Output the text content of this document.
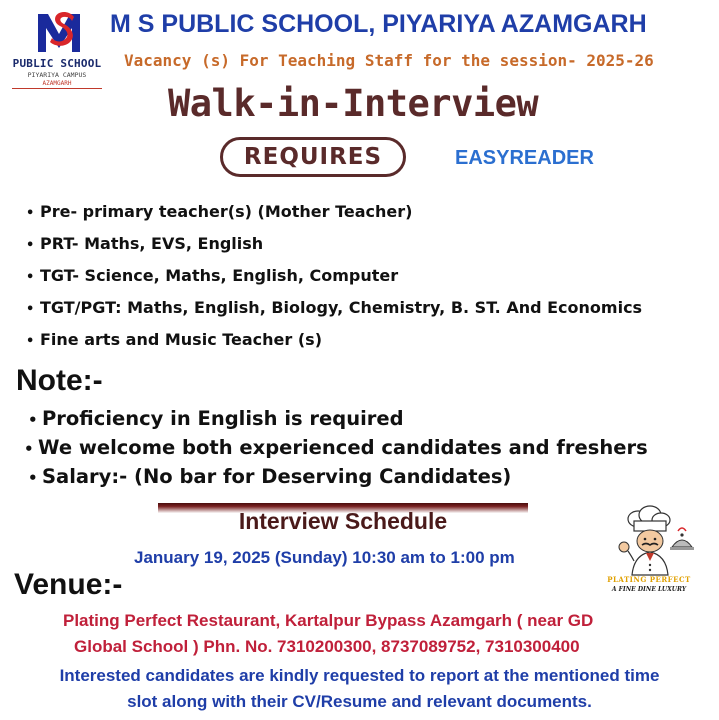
PUBLIC SCHOOL
PIYARIYA CAMPUS
AZAMGARH
M S PUBLIC SCHOOL, PIYARIYA AZAMGARH
Vacancy (s) For Teaching Staff for the session- 2025-26
Walk-in-Interview
REQUIRES	EASYREADER
• Pre- primary teacher(s) (Mother Teacher)
• PRT- Maths, EVS, English
• TGT- Science, Maths, English, Computer
• TGT/PGT: Maths, English, Biology, Chemistry, B. ST. And Economics
• Fine arts and Music Teacher (s)
Note:-
• Proficiency in English is required
• We welcome both experienced candidates and freshers
• Salary:- (No bar for Deserving Candidates)
Interview Schedule
January 19, 2025 (Sunday) 10:30 am to 1:00 pm
PLATING PERFECT
A FINE DINE LUXURY
Venue:-
Plating Perfect Restaurant, Kartalpur Bypass Azamgarh ( near GD
Global School ) Phn. No. 7310200300, 8737089752, 7310300400
Interested candidates are kindly requested to report at the mentioned time
slot along with their CV/Resume and relevant documents.
